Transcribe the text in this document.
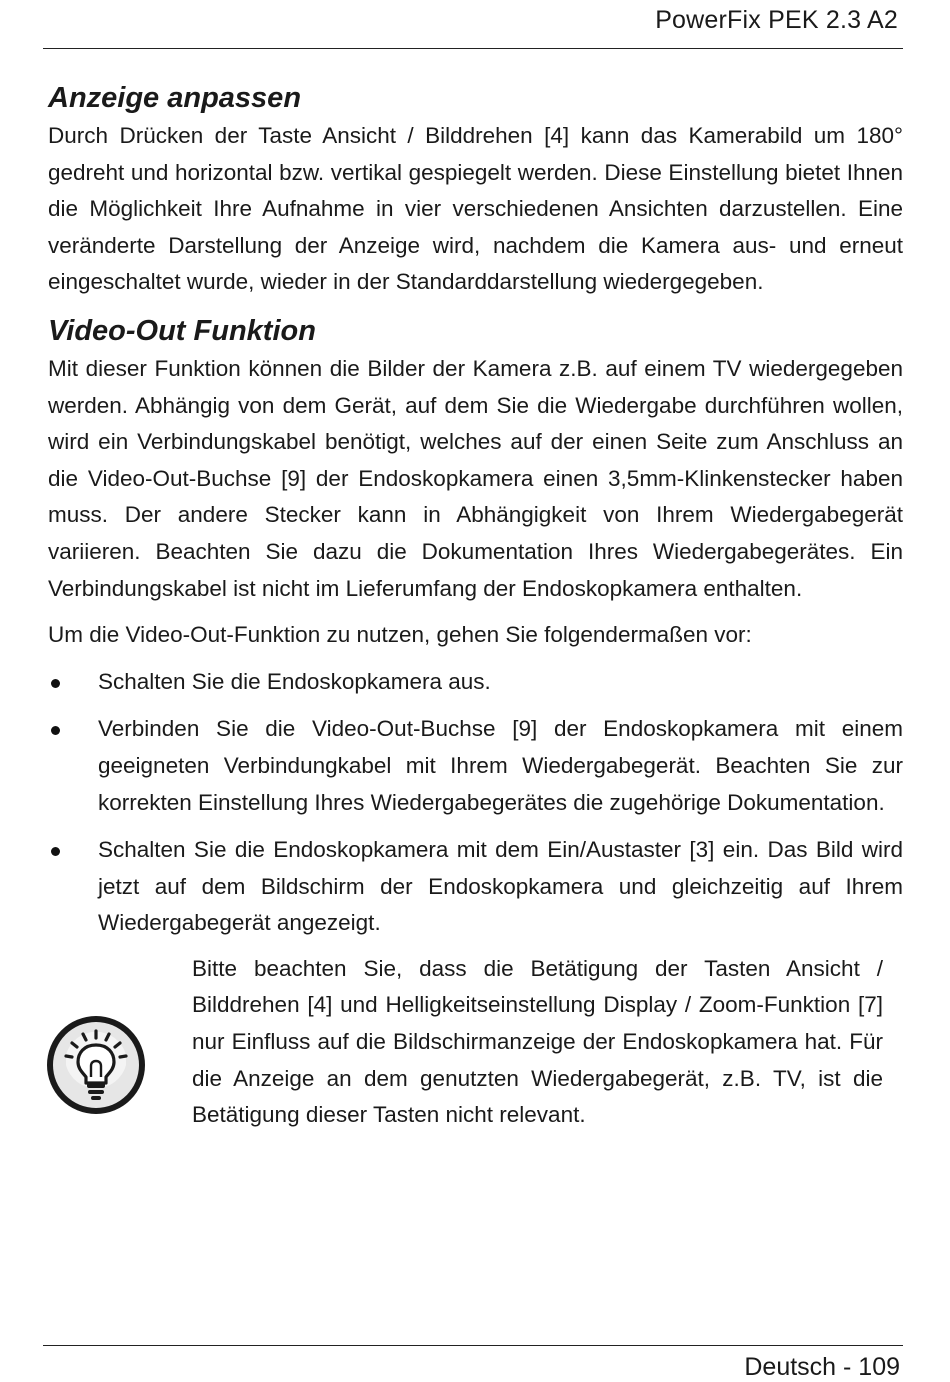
PowerFix PEK 2.3 A2
Anzeige anpassen

Durch Drücken der Taste Ansicht / Bilddrehen [4] kann das Kamerabild um 180° gedreht und horizontal bzw. vertikal gespiegelt werden. Diese Einstellung bietet Ihnen die Möglichkeit Ihre Aufnahme in vier verschiedenen Ansichten darzustellen. Eine veränderte Darstellung der Anzeige wird, nachdem die Kamera aus- und erneut eingeschaltet wurde, wieder in der Standarddarstellung wiedergegeben.

Video-Out Funktion

Mit dieser Funktion können die Bilder der Kamera z.B. auf einem TV wiedergegeben werden. Abhängig von dem Gerät, auf dem Sie die Wiedergabe durchführen wollen, wird ein Verbindungskabel benötigt, welches auf der einen Seite zum Anschluss an die Video-Out-Buchse [9] der Endoskopkamera einen 3,5mm-Klinkenstecker haben muss. Der andere Stecker kann in Abhängigkeit von Ihrem Wiedergabegerät variieren. Beachten Sie dazu die Dokumentation Ihres Wiedergabegerätes. Ein Verbindungskabel ist nicht im Lieferumfang der Endoskopkamera enthalten.

Um die Video-Out-Funktion zu nutzen, gehen Sie folgendermaßen vor:

Schalten Sie die Endoskopkamera aus.
Verbinden Sie die Video-Out-Buchse [9] der Endoskopkamera mit einem geeigneten Verbindungkabel mit Ihrem Wiedergabegerät. Beachten Sie zur korrekten Einstellung Ihres Wiedergabegerätes die zugehörige Dokumentation.
Schalten Sie die Endoskopkamera mit dem Ein/Austaster [3] ein. Das Bild wird jetzt auf dem Bildschirm der Endoskopkamera und gleichzeitig auf Ihrem Wiedergabegerät angezeigt.

Bitte beachten Sie, dass die Betätigung der Tasten Ansicht / Bilddrehen [4] und Helligkeitseinstellung Display / Zoom-Funktion [7] nur Einfluss auf die Bildschirmanzeige der Endoskopkamera hat. Für die Anzeige an dem genutzten Wiedergabegerät, z.B. TV, ist die Betätigung dieser Tasten nicht relevant.

Deutsch - 109
